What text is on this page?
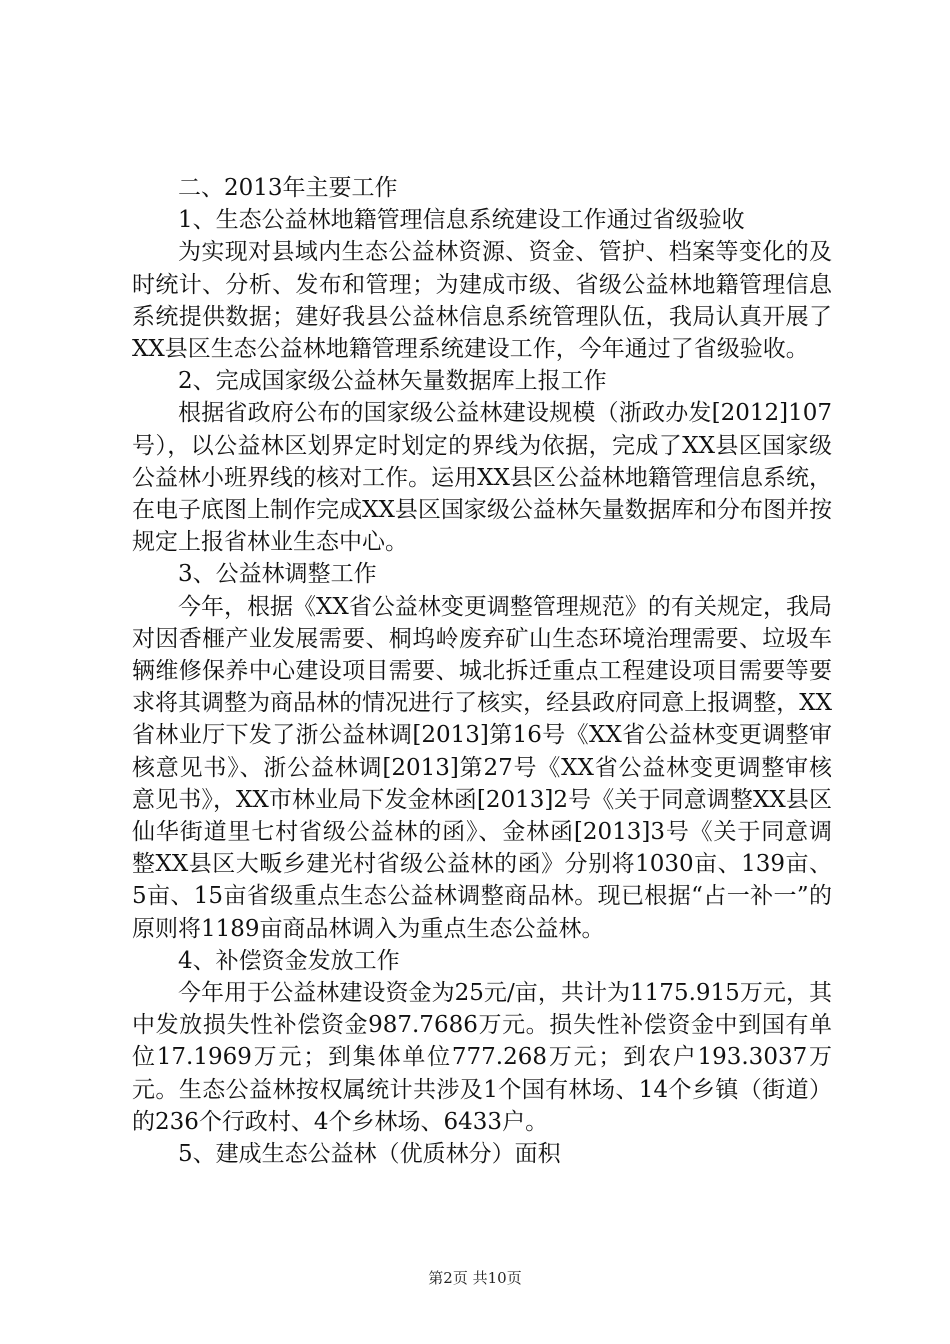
二、2013年主要工作

1、生态公益林地籍管理信息系统建设工作通过省级验收

为实现对县域内生态公益林资源、资金、管护、档案等变化的及时统计、分析、发布和管理；为建成市级、省级公益林地籍管理信息系统提供数据；建好我县公益林信息系统管理队伍，我局认真开展了XX县区生态公益林地籍管理系统建设工作，今年通过了省级验收。

2、完成国家级公益林矢量数据库上报工作

根据省政府公布的国家级公益林建设规模（浙政办发[2012]107号），以公益林区划界定时划定的界线为依据，完成了XX县区国家级公益林小班界线的核对工作。运用XX县区公益林地籍管理信息系统，在电子底图上制作完成XX县区国家级公益林矢量数据库和分布图并按规定上报省林业生态中心。

3、公益林调整工作

今年，根据《XX省公益林变更调整管理规范》的有关规定，我局对因香榧产业发展需要、桐坞岭废弃矿山生态环境治理需要、垃圾车辆维修保养中心建设项目需要、城北拆迁重点工程建设项目需要等要求将其调整为商品林的情况进行了核实，经县政府同意上报调整，XX省林业厅下发了浙公益林调[2013]第16号《XX省公益林变更调整审核意见书》、浙公益林调[2013]第27号《XX省公益林变更调整审核意见书》，XX市林业局下发金林函[2013]2号《关于同意调整XX县区仙华街道里七村省级公益林的函》、金林函[2013]3号《关于同意调整XX县区大畈乡建光村省级公益林的函》分别将1030亩、139亩、5亩、15亩省级重点生态公益林调整商品林。现已根据“占一补一”的原则将1189亩商品林调入为重点生态公益林。

4、补偿资金发放工作

今年用于公益林建设资金为25元/亩，共计为1175.915万元，其中发放损失性补偿资金987.7686万元。损失性补偿资金中到国有单位17.1969万元；到集体单位777.268万元；到农户193.3037万元。生态公益林按权属统计共涉及1个国有林场、14个乡镇（街道）的236个行政村、4个乡林场、6433户。

5、建成生态公益林（优质林分）面积

第2页 共10页
